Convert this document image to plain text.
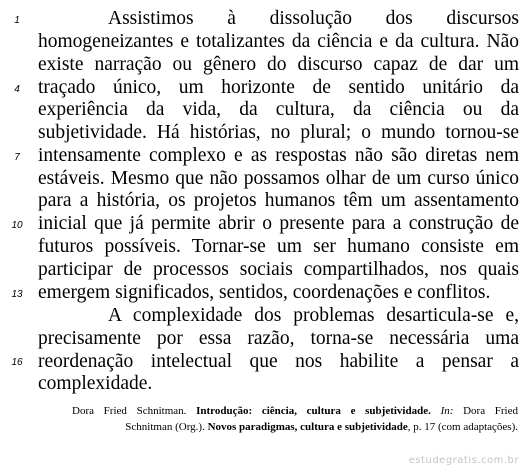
1
4
7
10
13
16
Assistimos à dissolução dos discursos
homogeneizantes e totalizantes da ciência e da cultura. Não
existe narração ou gênero do discurso capaz de dar um
traçado único, um horizonte de sentido unitário da
experiência da vida, da cultura, da ciência ou da
subjetividade. Há histórias, no plural; o mundo tornou-se
intensamente complexo e as respostas não são diretas nem
estáveis. Mesmo que não possamos olhar de um curso único
para a história, os projetos humanos têm um assentamento
inicial que já permite abrir o presente para a construção de
futuros possíveis. Tornar-se um ser humano consiste em
participar de processos sociais compartilhados, nos quais
emergem significados, sentidos, coordenações e conflitos.
A complexidade dos problemas desarticula-se e,
precisamente por essa razão, torna-se necessária uma
reordenação intelectual que nos habilite a pensar a
complexidade.
Dora Fried Schnitman. Introdução: ciência, cultura e subjetividade. In: Dora Fried
Schnitman (Org.). Novos paradigmas, cultura e subjetividade, p. 17 (com adaptações).
estudegratis.com.br
